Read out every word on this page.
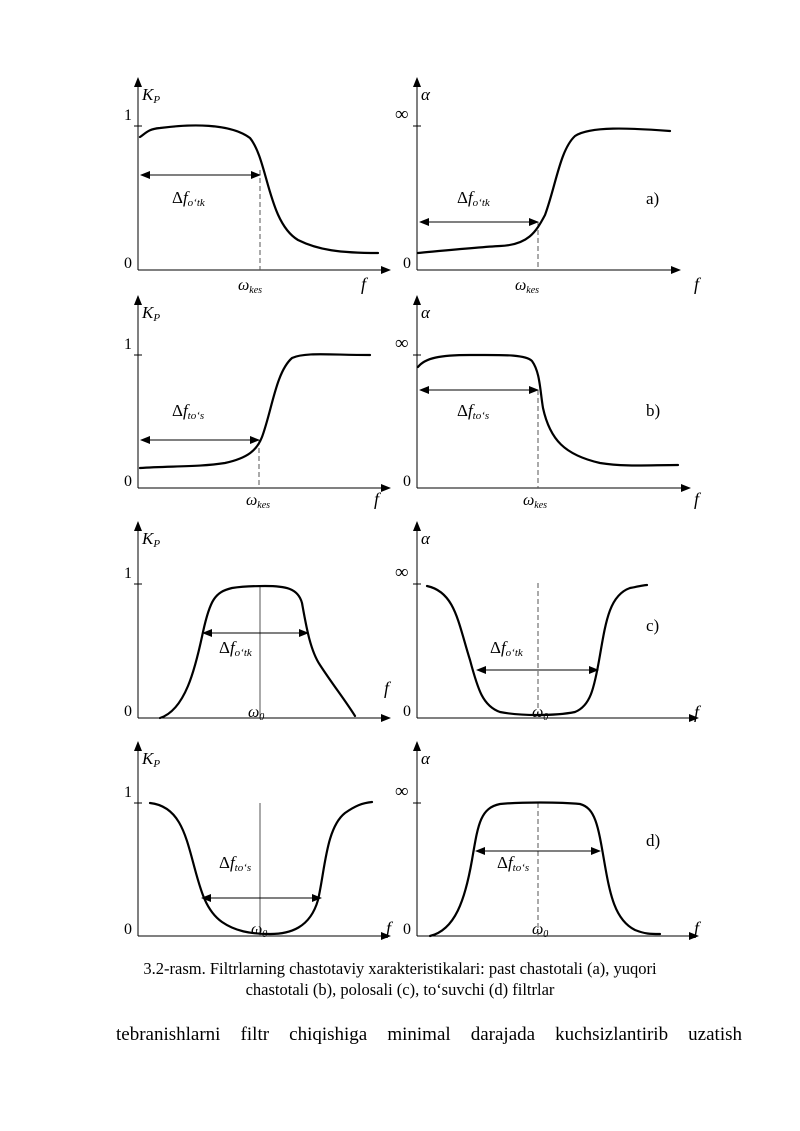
KP
1
0
Δfo‘tk
ωkes	f
α
∞
0
Δfo‘tk
ωkes	f
a)
KP
1
0
Δfto‘s
ωkes	f
α
∞
0
Δfto‘s
ωkes	f
b)
KP
1
0
Δfo‘tk
ω0
f
α
∞
0
Δfo‘tk
ω0	f
c)
KP
1
0
Δfto‘s
ω0	f
α
∞
0
Δfto‘s
ω0	f
d)
3.2-rasm. Filtrlarning chastotaviy xarakteristikalari: past chastotali (a), yuqori
chastotali (b), polosali (c), to‘suvchi (d) filtrlar
tebranishlarni filtr chiqishiga minimal darajada kuchsizlantirib uzatish
